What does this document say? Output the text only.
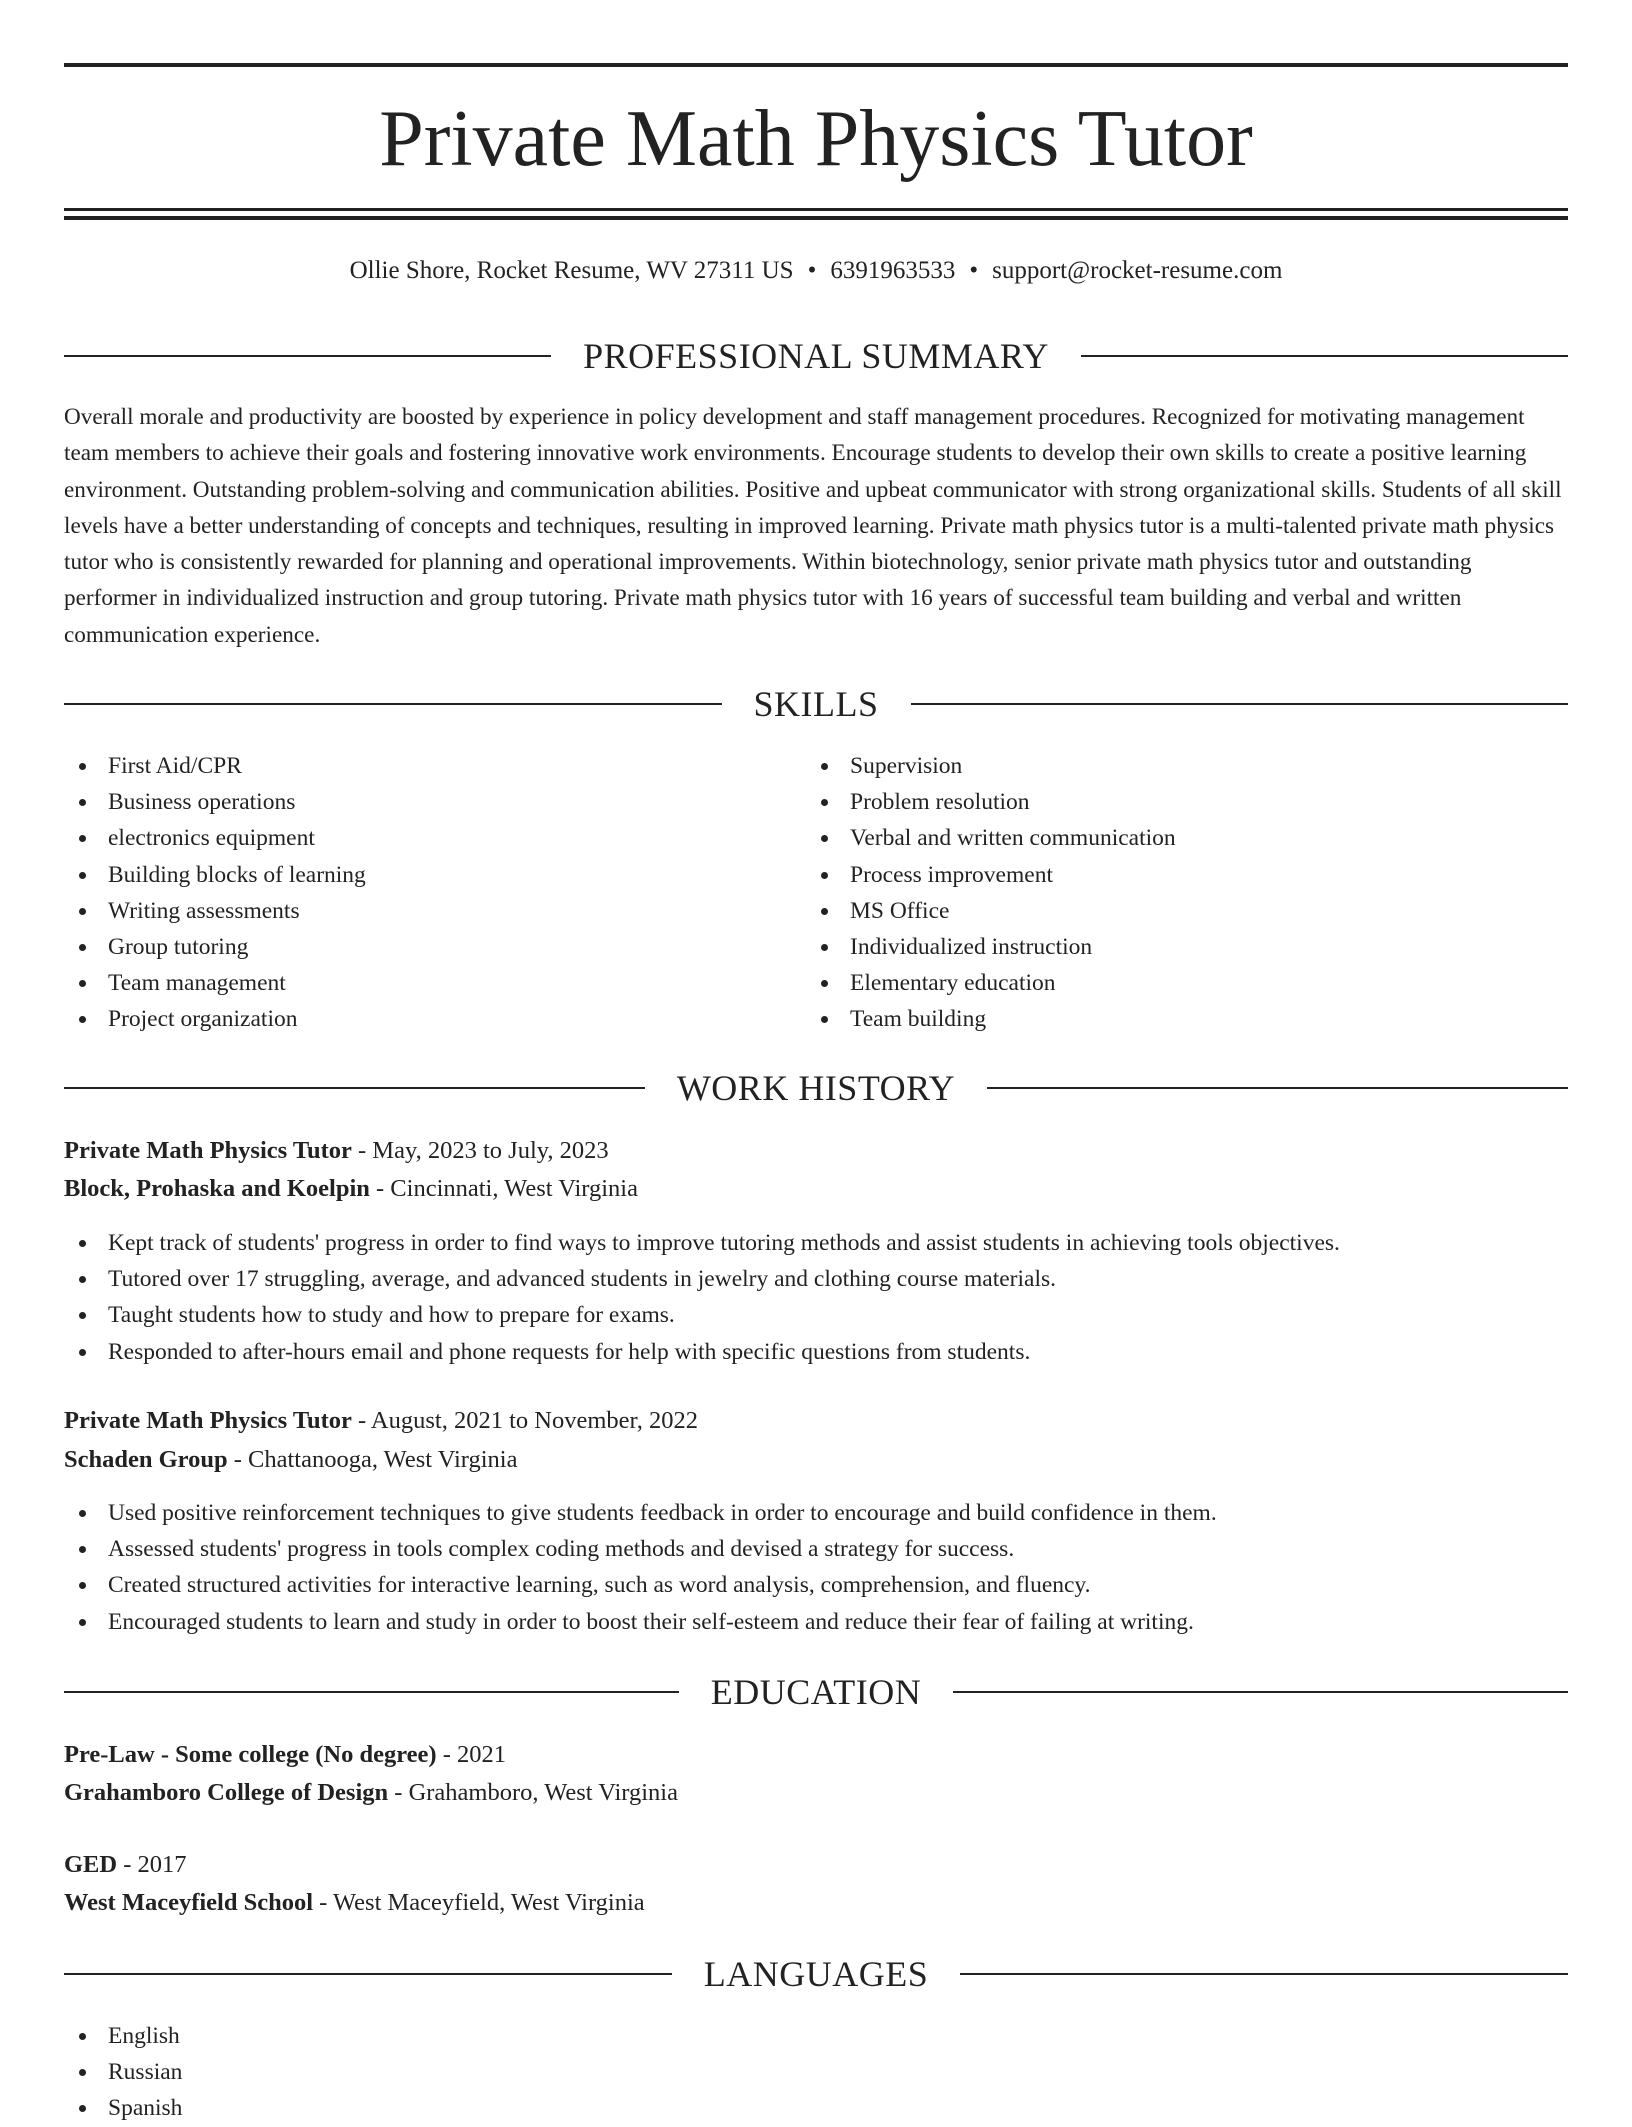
Private Math Physics Tutor
Ollie Shore, Rocket Resume, WV 27311 US • 6391963533 • support@rocket-resume.com
PROFESSIONAL SUMMARY

Overall morale and productivity are boosted by experience in policy development and staff management procedures. Recognized for motivating management team members to achieve their goals and fostering innovative work environments. Encourage students to develop their own skills to create a positive learning environment. Outstanding problem-solving and communication abilities. Positive and upbeat communicator with strong organizational skills. Students of all skill levels have a better understanding of concepts and techniques, resulting in improved learning. Private math physics tutor is a multi-talented private math physics tutor who is consistently rewarded for planning and operational improvements. Within biotechnology, senior private math physics tutor and outstanding performer in individualized instruction and group tutoring. Private math physics tutor with 16 years of successful team building and verbal and written communication experience.

SKILLS
First Aid/CPR
Business operations
electronics equipment
Building blocks of learning
Writing assessments
Group tutoring
Team management
Project organization
Supervision
Problem resolution
Verbal and written communication
Process improvement
MS Office
Individualized instruction
Elementary education
Team building
WORK HISTORY
Private Math Physics Tutor - May, 2023 to July, 2023
Block, Prohaska and Koelpin - Cincinnati, West Virginia
Kept track of students' progress in order to find ways to improve tutoring methods and assist students in achieving tools objectives.
Tutored over 17 struggling, average, and advanced students in jewelry and clothing course materials.
Taught students how to study and how to prepare for exams.
Responded to after-hours email and phone requests for help with specific questions from students.
Private Math Physics Tutor - August, 2021 to November, 2022
Schaden Group - Chattanooga, West Virginia
Used positive reinforcement techniques to give students feedback in order to encourage and build confidence in them.
Assessed students' progress in tools complex coding methods and devised a strategy for success.
Created structured activities for interactive learning, such as word analysis, comprehension, and fluency.
Encouraged students to learn and study in order to boost their self-esteem and reduce their fear of failing at writing.
EDUCATION
Pre-Law - Some college (No degree) - 2021
Grahamboro College of Design - Grahamboro, West Virginia
GED - 2017
West Maceyfield School - West Maceyfield, West Virginia
LANGUAGES
English
Russian
Spanish
